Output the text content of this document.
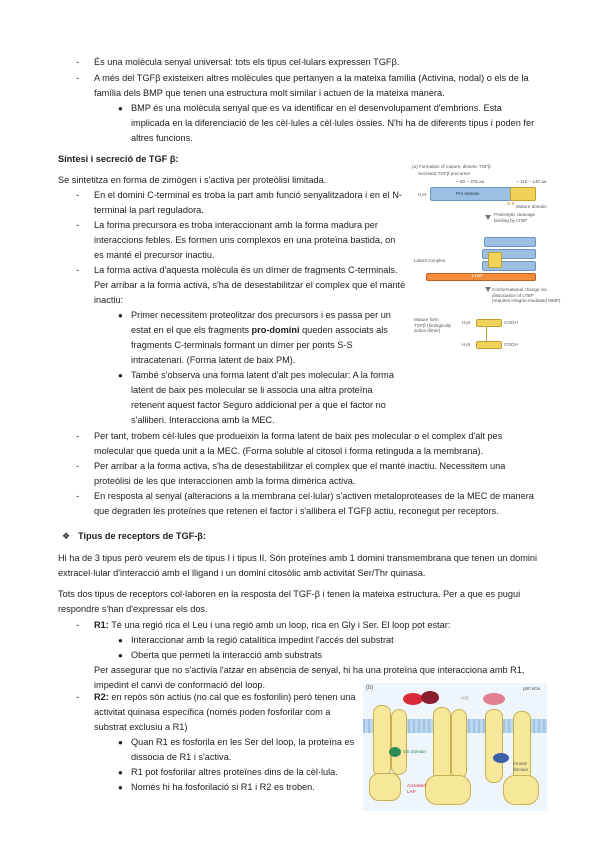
-	És una molècula senyal universal: tots els tipus cel·lulars expressen TGFβ.
-	A més del TGFβ existeixen altres molècules que pertanyen a la mateixa família (Activina, nodal) o els de la família dels BMP que tenen una estructura molt similar i actuen de la mateixa manera.
● BMP és una molècula senyal que es va identificar en el desenvolupament d'embrions. Esta implicada en la diferenciació de les cèl·lules a cèl·lules òssies. N'hi ha de diferents tipus i poden fer altres funcions.
Síntesi i secreció de TGF β:
Se sintetitza en forma de zimògen i s'activa per proteòlisi limitada.
-	En el domini C-terminal es troba la part amb funció senyalitzadora i en el N-terminal la part reguladora.
-	La forma precursora es troba interaccionant amb la forma madura per interaccions febles. Es formen uns complexos en una proteïna bastida, on es manté el precursor inactiu.
-	La forma activa d'aquesta molècula és un dímer de fragments C-terminals. Per arribar a la forma activa, s'ha de desestabilitzar el complex que el manté inactiu:
● Primer necessitem proteolitzar dos precursors i es passa per un estat en el que els fragments pro-domini queden associats als fragments C-terminals formant un dímer per ponts S-S intracatenari. (Forma latent de baix PM).
● També s'observa una forma latent d'alt pes molecular: A la forma latent de baix pes molecular se li associa una altra proteïna retenent aquest factor Seguro addicional per a que el factor no s'alliberi. Interacciona amb la MEC.
-	Per tant, trobem cèl·lules que produeixin la forma latent de baix pes molecular o el complex d'alt pes molecular que queda unit a la MEC. (Forma soluble al citosol i forma retinguda a la membrana).
-	Per arribar a la forma activa, s'ha de desestabilitzar el complex que el manté inactiu. Necessitem una proteòlisi de les que interaccionen amb la forma dimèrica activa.
-	En resposta al senyal (alteracions a la membrana cel·lular) s'activen metaloproteases de la MEC de manera que degraden les proteïnes que retenen el factor i s'allibera el TGFβ actiu, reconegut per receptors.
❖ Tipus de receptors de TGF-β:
Hi ha de 3 tipus però veurem els de tipus I i tipus II. Són proteïnes amb 1 domini transmembrana que tenen un domini extracel·lular d'interacció amb el lligand i un domini citosòlic amb activitat Ser/Thr quinasa.
Tots dos tipus de receptors col·laboren en la resposta del TGF-β i tenen la mateixa estructura. Per a que es pugui respondre s'han d'expressar els dos.
-	R1: Té una regió rica el Leu i una regió amb un loop, rica en Gly i Ser. El loop pot estar:
● Interaccionar amb la regió catalítica impedint l'accés del substrat
● Oberta que permeti la interacció amb substrats
Per assegurar que no s'activia l'atzar en absència de senyal, hi ha una proteïna que interacciona amb R1, impedint el canvi de conformació del loop.
-	R2: en repòs són actius (no cal que es fosforilin) però tenen una activitat quinasa específica (només poden fosforilar com a substrat exclusiu a R1)
● Quan R1 es fosforila en les Ser del loop, la proteïna es dissocia de R1 i s'activa.
● R1 pot fosforilar altres proteïnes dins de la cèl·lula.
● Només hi ha fosforilació si R1 i R2 es troben.
(a) Formation of mature, dimeric TGFβ
Secreted TGFβ precursor
~ 50 – 375 aa	~ 110 – 140 aa
H₂N	Pro domain
S-S
Mature domain
Proteolytic cleavage
binding by LTBP
Latent complex
LTBP
Conformational change via
dissociation of LTBP
(requires integrin-mediated MMP)
Mature form
TGFβ (biologically
active dimer)
COOH
COOH
H₂N
H₂N
(b)	p80 kDa
⇨
GS domain
Activated
LAP
Kinase
domain
